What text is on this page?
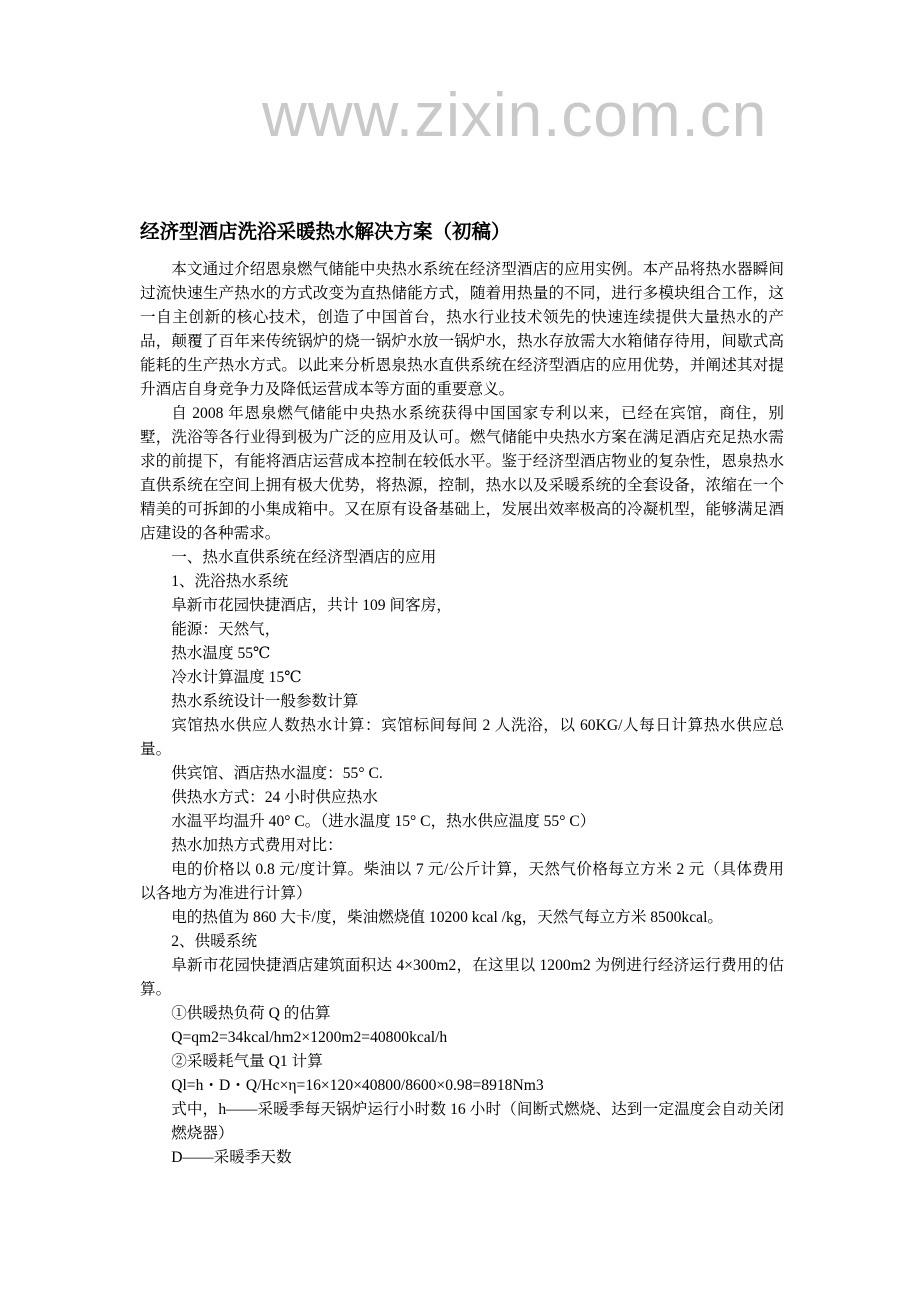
经济型酒店洗浴采暖热水解决方案（初稿）

本文通过介绍恩泉燃气储能中央热水系统在经济型酒店的应用实例。本产品将热水器瞬间过流快速生产热水的方式改变为直热储能方式，随着用热量的不同，进行多模块组合工作，这一自主创新的核心技术，创造了中国首台，热水行业技术领先的快速连续提供大量热水的产品，颠覆了百年来传统锅炉的烧一锅炉水放一锅炉水，热水存放需大水箱储存待用，间歇式高能耗的生产热水方式。以此来分析恩泉热水直供系统在经济型酒店的应用优势，并阐述其对提升酒店自身竞争力及降低运营成本等方面的重要意义。

自 2008 年恩泉燃气储能中央热水系统获得中国国家专利以来，已经在宾馆，商住，别墅，洗浴等各行业得到极为广泛的应用及认可。燃气储能中央热水方案在满足酒店充足热水需求的前提下，有能将酒店运营成本控制在较低水平。鉴于经济型酒店物业的复杂性，恩泉热水直供系统在空间上拥有极大优势，将热源，控制，热水以及采暖系统的全套设备，浓缩在一个精美的可拆卸的小集成箱中。又在原有设备基础上，发展出效率极高的冷凝机型，能够满足酒店建设的各种需求。

一、热水直供系统在经济型酒店的应用

1、洗浴热水系统

阜新市花园快捷酒店，共计 109 间客房，

能源：天然气，

热水温度 55℃

冷水计算温度 15℃

热水系统设计一般参数计算

宾馆热水供应人数热水计算：宾馆标间每间 2 人洗浴，以 60KG/人每日计算热水供应总量。

供宾馆、酒店热水温度：55° C.

供热水方式：24 小时供应热水

水温平均温升 40° C。（进水温度 15° C，热水供应温度 55° C）

热水加热方式费用对比：

电的价格以 0.8 元/度计算。柴油以 7 元/公斤计算，天然气价格每立方米 2 元（具体费用以各地方为准进行计算）

电的热值为 860 大卡/度，柴油燃烧值 10200 kcal /kg，天然气每立方米 8500kcal。

2、供暖系统

阜新市花园快捷酒店建筑面积达 4×300m2，在这里以 1200m2 为例进行经济运行费用的估算。

①供暖热负荷 Q 的估算

Q=qm2=34kcal/hm2×1200m2=40800kcal/h

②采暖耗气量 Q1 计算

Ql=h・D・Q/Hc×η=16×120×40800/8600×0.98=8918Nm3

式中，h——采暖季每天锅炉运行小时数 16 小时（间断式燃烧、达到一定温度会自动关闭燃烧器）

D——采暖季天数

www.zixin.com.cn
